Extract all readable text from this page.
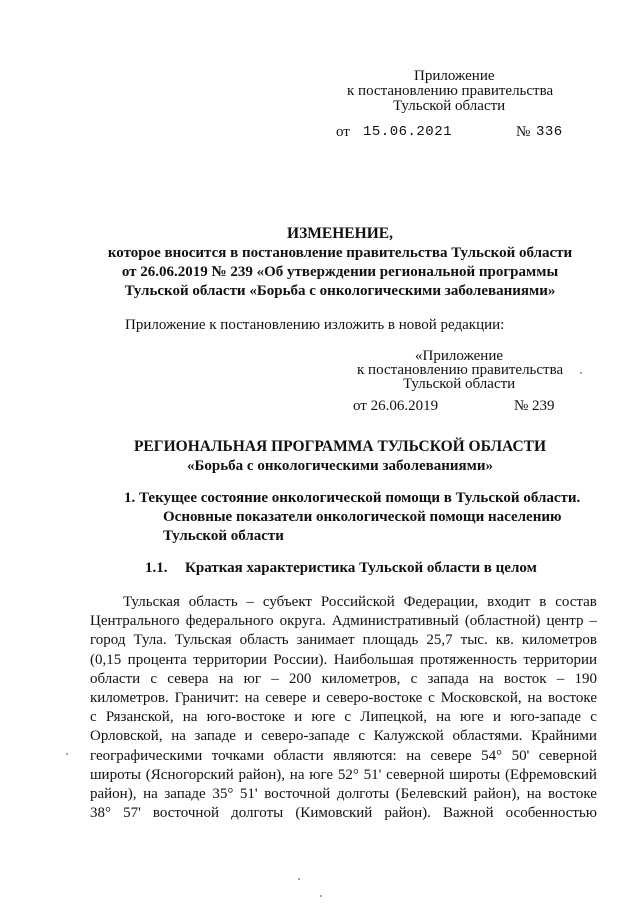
Приложение
к постановлению правительства
Тульской области
от 15.06.2021	№ 336
ИЗМЕНЕНИЕ,
которое вносится в постановление правительства Тульской области
от 26.06.2019 № 239 «Об утверждении региональной программы
Тульской области «Борьба с онкологическими заболеваниями»
Приложение к постановлению изложить в новой редакции:
«Приложение
к постановлению правительства
Тульской области
от 26.06.2019	№ 239
РЕГИОНАЛЬНАЯ ПРОГРАММА ТУЛЬСКОЙ ОБЛАСТИ
«Борьба с онкологическими заболеваниями»
1. Текущее состояние онкологической помощи в Тульской области.
Основные показатели онкологической помощи населению
Тульской области
1.1. Краткая характеристика Тульской области в целом
Тульская область – субъект Российской Федерации, входит в состав
Центрального федерального округа. Административный (областной) центр –
город Тула. Тульская область занимает площадь 25,7 тыс. кв. километров
(0,15 процента территории России). Наибольшая протяженность территории
области с севера на юг – 200 километров, с запада на восток – 190
километров. Граничит: на севере и северо-востоке с Московской, на востоке
с Рязанской, на юго-востоке и юге с Липецкой, на юге и юго-западе с
Орловской, на западе и северо-западе с Калужской областями. Крайними
географическими точками области являются: на севере 54° 50' северной
широты (Ясногорский район), на юге 52° 51' северной широты (Ефремовский
район), на западе 35° 51' восточной долготы (Белевский район), на востоке
38° 57' восточной долготы (Кимовский район). Важной особенностью
